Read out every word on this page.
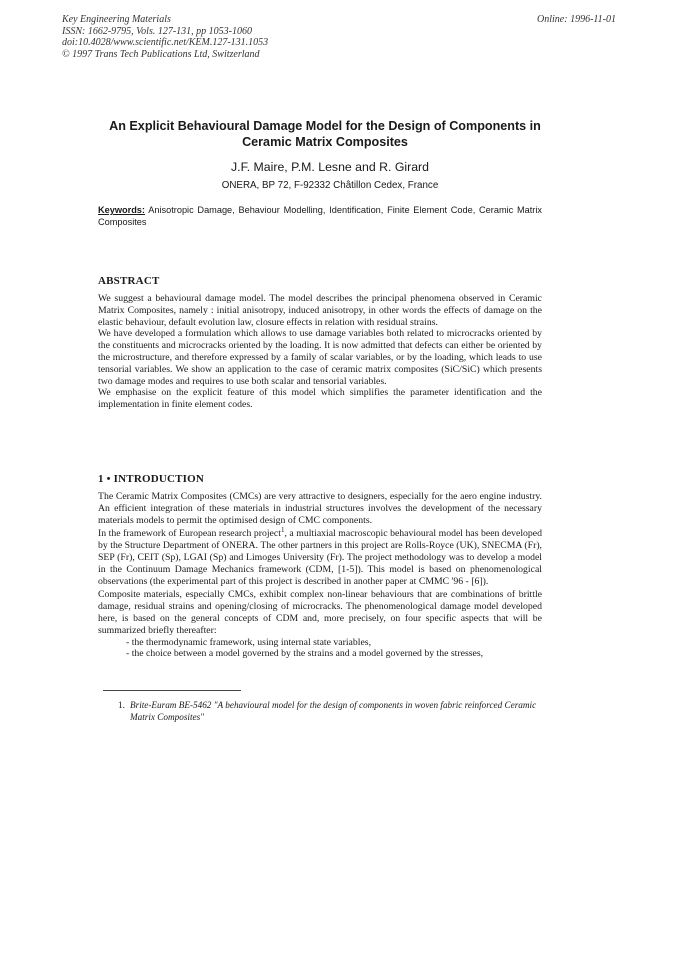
Key Engineering Materials
ISSN: 1662-9795, Vols. 127-131, pp 1053-1060
doi:10.4028/www.scientific.net/KEM.127-131.1053
© 1997 Trans Tech Publications Ltd, Switzerland
Online: 1996-11-01
An Explicit Behavioural Damage Model for the Design of Components in
Ceramic Matrix Composites
J.F. Maire, P.M. Lesne and R. Girard
ONERA, BP 72, F-92332 Châtillon Cedex, France
Keywords: Anisotropic Damage, Behaviour Modelling, Identification, Finite Element Code, Ceramic Matrix Composites
ABSTRACT

We suggest a behavioural damage model. The model describes the principal phenomena observed in Ceramic Matrix Composites, namely : initial anisotropy, induced anisotropy, in other words the effects of damage on the elastic behaviour, default evolution law, closure effects in relation with residual strains.

We have developed a formulation which allows to use damage variables both related to microcracks oriented by the constituents and microcracks oriented by the loading. It is now admitted that defects can either be oriented by the microstructure, and therefore expressed by a family of scalar variables, or by the loading, which leads to use tensorial variables. We show an application to the case of ceramic matrix composites (SiC/SiC) which presents two damage modes and requires to use both scalar and tensorial variables.

We emphasise on the explicit feature of this model which simplifies the parameter identification and the implementation in finite element codes.

1 • INTRODUCTION

The Ceramic Matrix Composites (CMCs) are very attractive to designers, especially for the aero engine industry. An efficient integration of these materials in industrial structures involves the development of the necessary materials models to permit the optimised design of CMC components.

In the framework of European research project$^1$, a multiaxial macroscopic behavioural model has been developed by the Structure Department of ONERA. The other partners in this project are Rolls-Royce (UK), SNECMA (Fr), SEP (Fr), CEIT (Sp), LGAI (Sp) and Limoges University (Fr). The project methodology was to develop a model in the Continuum Damage Mechanics framework (CDM, [1-5]). This model is based on phenomenological observations (the experimental part of this project is described in another paper at CMMC '96 - [6]).

Composite materials, especially CMCs, exhibit complex non-linear behaviours that are combinations of brittle damage, residual strains and opening/closing of microcracks. The phenomenological damage model developed here, is based on the general concepts of CDM and, more precisely, on four specific aspects that will be summarized briefly thereafter:

- the thermodynamic framework, using internal state variables,
- the choice between a model governed by the strains and a model governed by the stresses,
1. Brite-Euram BE-5462 "A behavioural model for the design of components in woven fabric reinforced Ceramic Matrix Composites"
